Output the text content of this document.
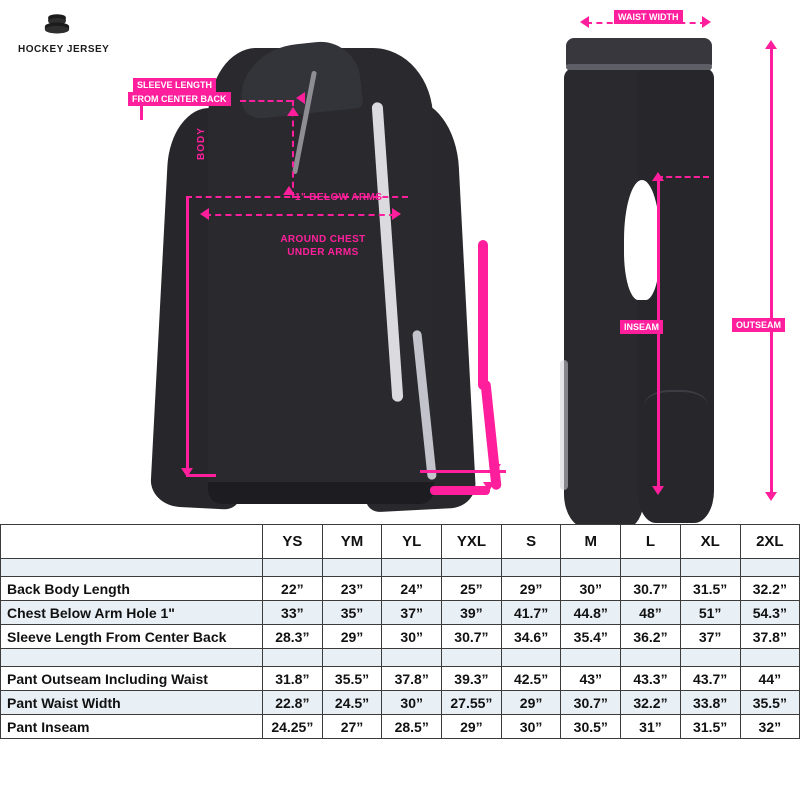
HOCKEY JERSEY
BODY
1" BELOW ARMS
AROUND CHEST
UNDER ARMS
SLEEVE LENGTH
FROM CENTER BACK
WAIST WIDTH
OUTSEAM
INSEAM
	YS	YM	YL	YXL	S	M	L	XL	2XL

Back Body Length	22”	23”	24”	25”	29”	30”	30.7”	31.5”	32.2”
Chest Below Arm Hole 1"	33”	35”	37”	39”	41.7”	44.8”	48”	51”	54.3”
Sleeve Length From Center Back	28.3”	29”	30”	30.7”	34.6”	35.4”	36.2”	37”	37.8”

Pant Outseam Including Waist	31.8”	35.5”	37.8”	39.3”	42.5”	43”	43.3”	43.7”	44”
Pant Waist Width	22.8”	24.5”	30”	27.55”	29”	30.7”	32.2”	33.8”	35.5”
Pant Inseam	24.25”	27”	28.5”	29”	30”	30.5”	31”	31.5”	32”
